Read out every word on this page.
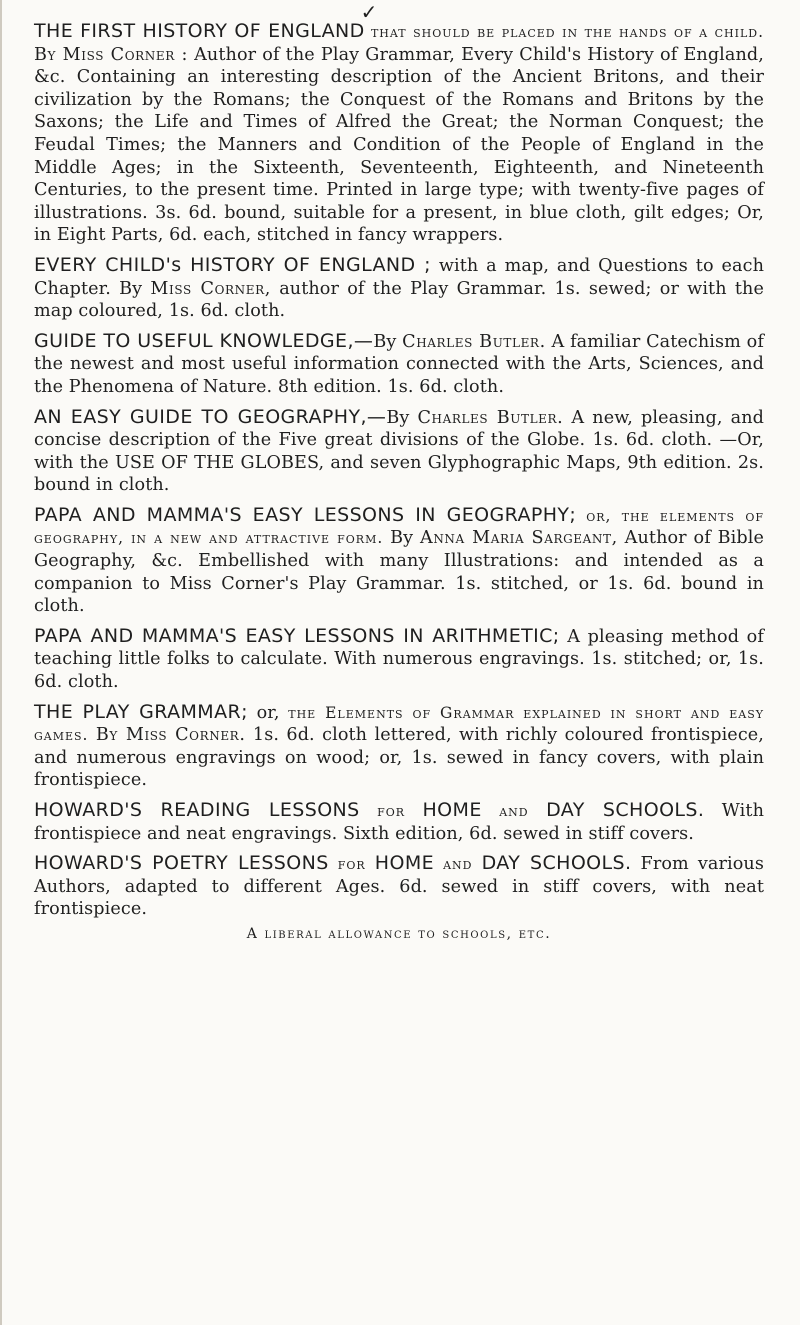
✓

THE FIRST HISTORY OF ENGLAND that should be placed in the hands of a child. By Miss Corner : Author of the Play Grammar, Every Child's History of England, &c. Containing an interesting description of the Ancient Britons, and their civilization by the Romans; the Conquest of the Romans and Britons by the Saxons; the Life and Times of Alfred the Great; the Norman Conquest; the Feudal Times; the Manners and Condition of the People of England in the Middle Ages; in the Sixteenth, Seventeenth, Eighteenth, and Nineteenth Centuries, to the present time. Printed in large type; with twenty-five pages of illustrations. 3s. 6d. bound, suitable for a present, in blue cloth, gilt edges; Or, in Eight Parts, 6d. each, stitched in fancy wrappers.

EVERY CHILD's HISTORY OF ENGLAND ; with a map, and Questions to each Chapter. By Miss Corner, author of the Play Grammar. 1s. sewed; or with the map coloured, 1s. 6d. cloth.

GUIDE TO USEFUL KNOWLEDGE,—By Charles Butler. A familiar Catechism of the newest and most useful information connected with the Arts, Sciences, and the Phenomena of Nature. 8th edition. 1s. 6d. cloth.

AN EASY GUIDE TO GEOGRAPHY,—By Charles Butler. A new, pleasing, and concise description of the Five great divisions of the Globe. 1s. 6d. cloth. —Or, with the USE OF THE GLOBES, and seven Glyphographic Maps, 9th edition. 2s. bound in cloth.

PAPA AND MAMMA'S EASY LESSONS IN GEOGRAPHY; or, the elements of geography, in a new and attractive form. By Anna Maria Sargeant, Author of Bible Geography, &c. Embellished with many Illustrations: and intended as a companion to Miss Corner's Play Grammar. 1s. stitched, or 1s. 6d. bound in cloth.

PAPA AND MAMMA'S EASY LESSONS IN ARITHMETIC; A pleasing method of teaching little folks to calculate. With numerous engravings. 1s. stitched; or, 1s. 6d. cloth.

THE PLAY GRAMMAR; or, the Elements of Grammar explained in short and easy games. By Miss Corner. 1s. 6d. cloth lettered, with richly coloured frontispiece, and numerous engravings on wood; or, 1s. sewed in fancy covers, with plain frontispiece.

HOWARD'S READING LESSONS for HOME and DAY SCHOOLS. With frontispiece and neat engravings. Sixth edition, 6d. sewed in stiff covers.

HOWARD'S POETRY LESSONS for HOME and DAY SCHOOLS. From various Authors, adapted to different Ages. 6d. sewed in stiff covers, with neat frontispiece.

A liberal allowance to schools, etc.
